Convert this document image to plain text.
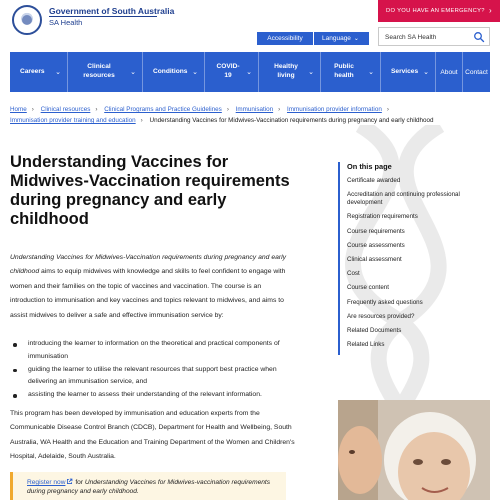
Government of South Australia
SA Health
DO YOU HAVE AN EMERGENCY? ›
Accessibility	Language ⌄
Search SA Health
Careers ⌄
Clinical resources	⌄	Conditions ⌄
COVID-19	⌄
Healthy living	⌄
Public health	⌄	Services ⌄	About	Contact
Home › Clinical resources › Clinical Programs and Practice Guidelines › Immunisation › Immunisation provider information ›
Immunisation provider training and education › Understanding Vaccines for Midwives-Vaccination requirements during pregnancy and early childhood
Understanding Vaccines for Midwives-Vaccination requirements during pregnancy and early childhood

Understanding Vaccines for Midwives-Vaccination requirements during pregnancy and early childhood aims to equip midwives with knowledge and skills to feel confident to engage with women and their families on the topic of vaccines and vaccination. The course is an introduction to immunisation and key vaccines and topics relevant to midwives, and aims to assist midwives to deliver a safe and effective immunisation service by:

introducing the learner to information on the theoretical and practical components of immunisation
guiding the learner to utilise the relevant resources that support best practice when delivering an immunisation service, and
assisting the learner to assess their understanding of the relevant information.

This program has been developed by immunisation and education experts from the Communicable Disease Control Branch (CDCB), Department for Health and Wellbeing, South Australia, WA Health and the Education and Training Department of the Women and Children's Hospital, Adelaide, South Australia.

Register now for Understanding Vaccines for Midwives-vaccination requirements during pregnancy and early childhood.
On this page
Certificate awarded
Accreditation and continuing professional development
Registration requirements
Course requirements
Course assessments
Clinical assessment
Cost
Course content
Frequently asked questions
Are resources provided?
Related Documents
Related Links
